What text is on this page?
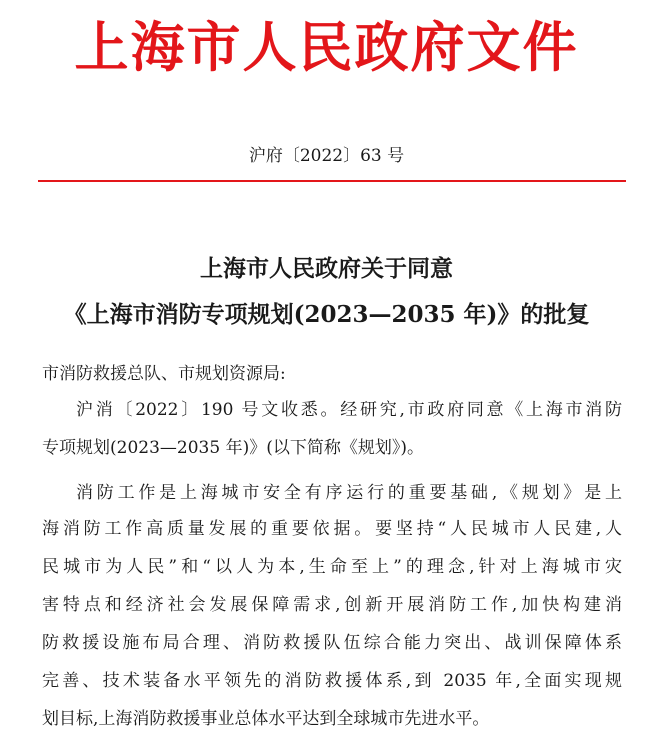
上海市人民政府文件
沪府〔2022〕63 号
上海市人民政府关于同意
《上海市消防专项规划(2023—2035 年)》的批复
市消防救援总队、市规划资源局:
沪消〔2022〕190 号文收悉。经研究,市政府同意《上海市消防
专项规划(2023—2035 年)》(以下简称《规划》)。
消防工作是上海城市安全有序运行的重要基础,《规划》是上
海消防工作高质量发展的重要依据。要坚持“人民城市人民建,人
民城市为人民”和“以人为本,生命至上”的理念,针对上海城市灾
害特点和经济社会发展保障需求,创新开展消防工作,加快构建消
防救援设施布局合理、消防救援队伍综合能力突出、战训保障体系
完善、技术装备水平领先的消防救援体系,到 2035 年,全面实现规
划目标,上海消防救援事业总体水平达到全球城市先进水平。
